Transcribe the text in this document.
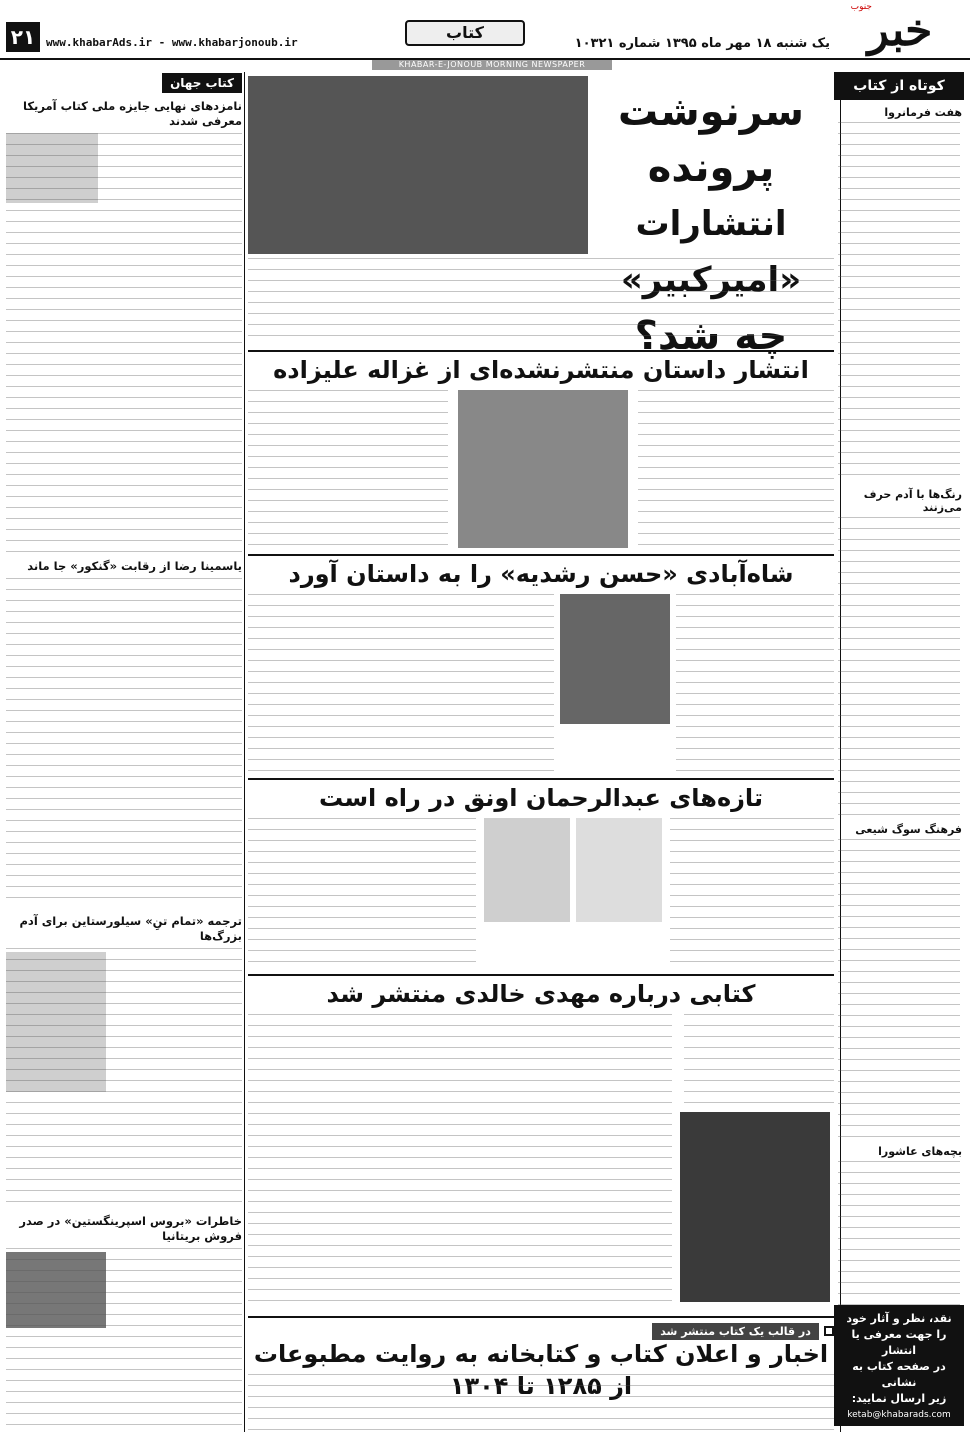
خبر
جنوب
یک شنبه ۱۸ مهر ماه ۱۳۹۵ شماره ۱۰۳۲۱
کتاب
www.khabarAds.ir - www.khabarjonoub.ir
۲۱
KHABAR-E-JONOUB MORNING NEWSPAPER
کوتاه از کتاب
هفت فرمانروا
رنگ‌ها با آدم حرف می‌زنند
فرهنگ سوگ شیعی
بچه‌های عاشورا
نقد، نظر و آثار خود
را جهت معرفی یا انتشار
در صفحه کتاب به نشانی
زیر ارسال نمایید:
ketab@khabarads.com
کتاب جهان
نامزدهای نهایی جایزه ملی کتاب آمریکا معرفی شدند
یاسمینا رضا از رقابت «گنکور» جا ماند
ترجمه «تمام تنِ» سیلورستاین برای آدم بزرگ‌ها
خاطرات «بروس اسپرینگستین» در صدر فروش بریتانیا
سرنوشت پرونده
انتشارات «امیرکبیر»
چه شد؟
انتشار داستان منتشرنشده‌ای از غزاله علیزاده
شاه‌آبادی «حسن رشدیه» را به داستان آورد
تازه‌های عبدالرحمان اونق در راه است
کتابی درباره مهدی خالدی منتشر شد
در قالب یک کتاب منتشر شد
اخبار و اعلان کتاب و کتابخانه به روایت مطبوعات از ۱۲۸۵ تا ۱۳۰۴
